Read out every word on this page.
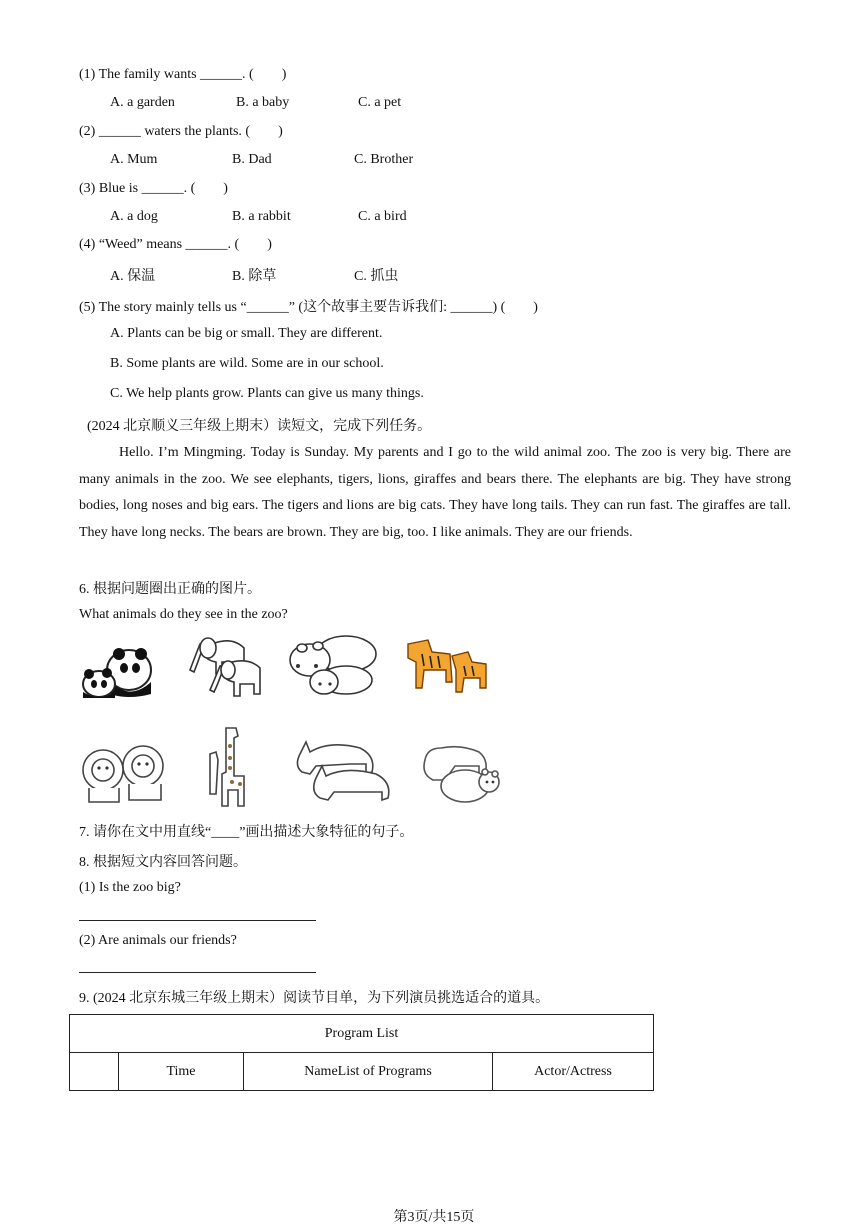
(1) The family wants ______. (  )
A. a garden	B. a baby	C. a pet
(2) ______ waters the plants. (  )
A. Mum	B. Dad	C. Brother
(3) Blue is ______. (  )
A. a dog	B. a rabbit	C. a bird
(4) “Weed” means ______. (  )
A. 保温	B. 除草	C. 抓虫
(5) The story mainly tells us “______” (这个故事主要告诉我们: ______) (  )
A. Plants can be big or small. They are different.
B. Some plants are wild. Some are in our school.
C. We help plants grow. Plants can give us many things.
(2024 北京顺义三年级上期末）读短文，完成下列任务。
Hello. I’m Mingming. Today is Sunday. My parents and I go to the wild animal zoo. The zoo is very big. There are many animals in the zoo. We see elephants, tigers, lions, giraffes and bears there. The elephants are big. They have strong bodies, long noses and big ears. The tigers and lions are big cats. They have long tails. They can run fast. The giraffes are tall. They have long necks. The bears are brown. They are big, too. I like animals. They are our friends.
6. 根据问题圈出正确的图片。
What animals do they see in the zoo?
7. 请你在文中用直线“____”画出描述大象特征的句子。
8. 根据短文内容回答问题。
(1) Is the zoo big?
(2) Are animals our friends?
9. (2024 北京东城三年级上期末）阅读节目单，为下列演员挑选适合的道具。
Program List
	Time	NameList of Programs	Actor/Actress
第3页/共15页
